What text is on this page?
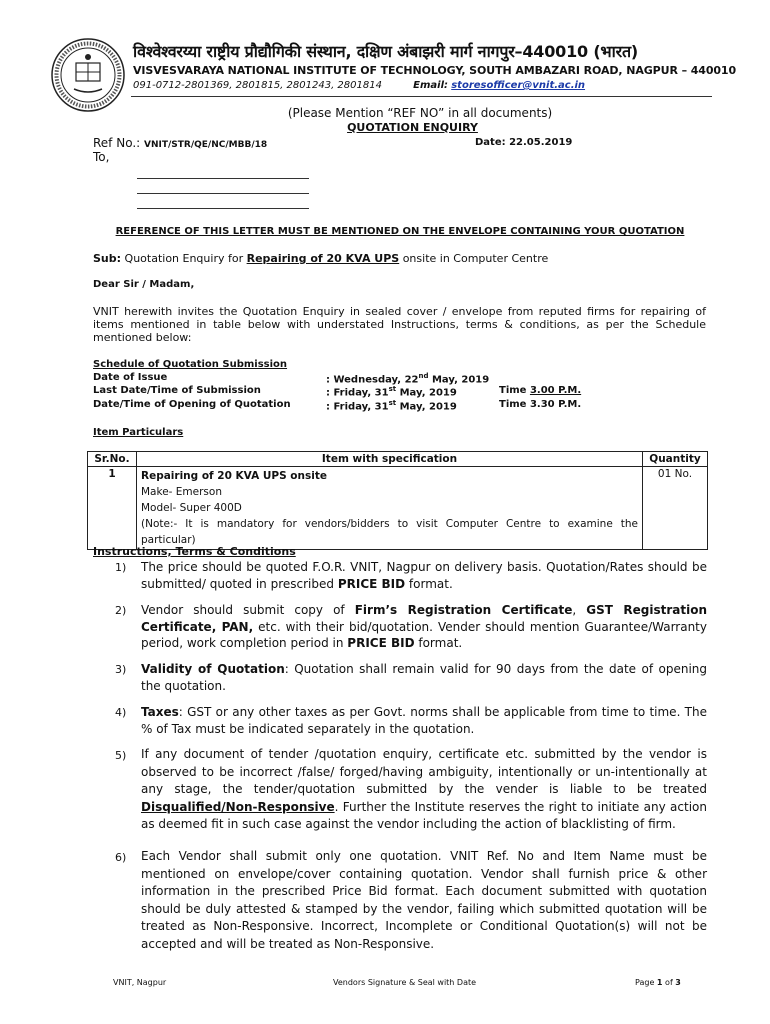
विश्वेश्वरय्या राष्ट्रीय प्रौद्यौगिकी संस्थान, दक्षिण अंबाझरी मार्ग नागपुर–440010 (भारत)
VISVESVARAYA NATIONAL INSTITUTE OF TECHNOLOGY, SOUTH AMBAZARI ROAD, NAGPUR – 440010
091-0712-2801369, 2801815, 2801243, 2801814	Email: storesofficer@vnit.ac.in
(Please Mention “REF NO” in all documents)
QUOTATION ENQUIRY
Ref No.: VNIT/STR/QE/NC/MBB/18	Date: 22.05.2019
To,
REFERENCE OF THIS LETTER MUST BE MENTIONED ON THE ENVELOPE CONTAINING YOUR QUOTATION
Sub: Quotation Enquiry for Repairing of 20 KVA UPS onsite in Computer Centre
Dear Sir / Madam,
VNIT herewith invites the Quotation Enquiry in sealed cover / envelope from reputed firms for repairing of items mentioned in table below with understated Instructions, terms & conditions, as per the Schedule mentioned below:
Schedule of Quotation Submission
Date of Issue	: Wednesday, 22nd May, 2019
Last Date/Time of Submission	: Friday, 31st May, 2019	Time 3.00 P.M.
Date/Time of Opening of Quotation	: Friday, 31st May, 2019	Time 3.30 P.M.
Item Particulars
Sr.No.	Item with specification	Quantity
1	Repairing of 20 KVA UPS onsite
Make- Emerson
Model- Super 400D
(Note:- It is mandatory for vendors/bidders to visit Computer Centre to examine the particular)	01 No.
Instructions, Terms & Conditions
1) The price should be quoted F.O.R. VNIT, Nagpur on delivery basis. Quotation/Rates should be submitted/ quoted in prescribed PRICE BID format.
2) Vendor should submit copy of Firm’s Registration Certificate, GST Registration Certificate, PAN, etc. with their bid/quotation. Vender should mention Guarantee/Warranty period, work completion period in PRICE BID format.
3) Validity of Quotation: Quotation shall remain valid for 90 days from the date of opening the quotation.
4) Taxes: GST or any other taxes as per Govt. norms shall be applicable from time to time. The % of Tax must be indicated separately in the quotation.
5) If any document of tender /quotation enquiry, certificate etc. submitted by the vendor is observed to be incorrect /false/ forged/having ambiguity, intentionally or un-intentionally at any stage, the tender/quotation submitted by the vender is liable to be treated Disqualified/Non-Responsive. Further the Institute reserves the right to initiate any action as deemed fit in such case against the vendor including the action of blacklisting of firm.
6) Each Vendor shall submit only one quotation. VNIT Ref. No and Item Name must be mentioned on envelope/cover containing quotation. Vendor shall furnish price & other information in the prescribed Price Bid format. Each document submitted with quotation should be duly attested & stamped by the vendor, failing which submitted quotation will be treated as Non-Responsive. Incorrect, Incomplete or Conditional Quotation(s) will not be accepted and will be treated as Non-Responsive.
VNIT, Nagpur	Vendors Signature & Seal with Date	Page 1 of 3
